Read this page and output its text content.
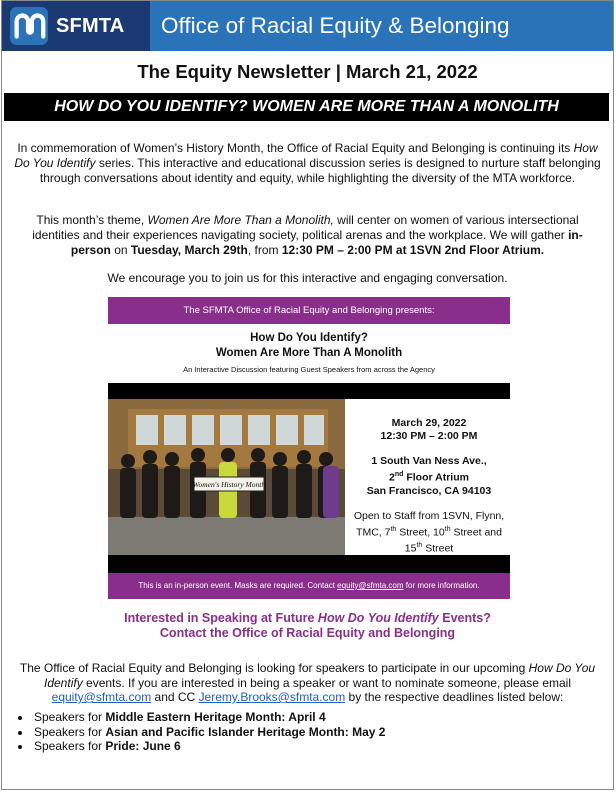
SFMTA	Office of Racial Equity & Belonging
The Equity Newsletter | March 21, 2022
HOW DO YOU IDENTIFY? WOMEN ARE MORE THAN A MONOLITH
In commemoration of Women’s History Month, the Office of Racial Equity and Belonging is continuing its How Do You Identify series. This interactive and educational discussion series is designed to nurture staff belonging through conversations about identity and equity, while highlighting the diversity of the MTA workforce.
This month’s theme, Women Are More Than a Monolith, will center on women of various intersectional identities and their experiences navigating society, political arenas and the workplace. We will gather in-person on Tuesday, March 29th, from 12:30 PM – 2:00 PM at 1SVN 2nd Floor Atrium.
We encourage you to join us for this interactive and engaging conversation.
The SFMTA Office of Racial Equity and Belonging presents:
How Do You Identify?
Women Are More Than A Monolith
An Interactive Discussion featuring Guest Speakers from across the Agency
Women's History Month
March 29, 2022
12:30 PM – 2:00 PM
1 South Van Ness Ave.,
2nd Floor Atrium
San Francisco, CA 94103
Open to Staff from 1SVN, Flynn, TMC, 7th Street, 10th Street and 15th Street
This is an in-person event. Masks are required. Contact equity@sfmta.com for more information.
Interested in Speaking at Future How Do You Identify Events?
Contact the Office of Racial Equity and Belonging
The Office of Racial Equity and Belonging is looking for speakers to participate in our upcoming How Do You Identify events. If you are interested in being a speaker or want to nominate someone, please email equity@sfmta.com and CC Jeremy.Brooks@sfmta.com by the respective deadlines listed below:
• Speakers for Middle Eastern Heritage Month: April 4
• Speakers for Asian and Pacific Islander Heritage Month: May 2
• Speakers for Pride: June 6
